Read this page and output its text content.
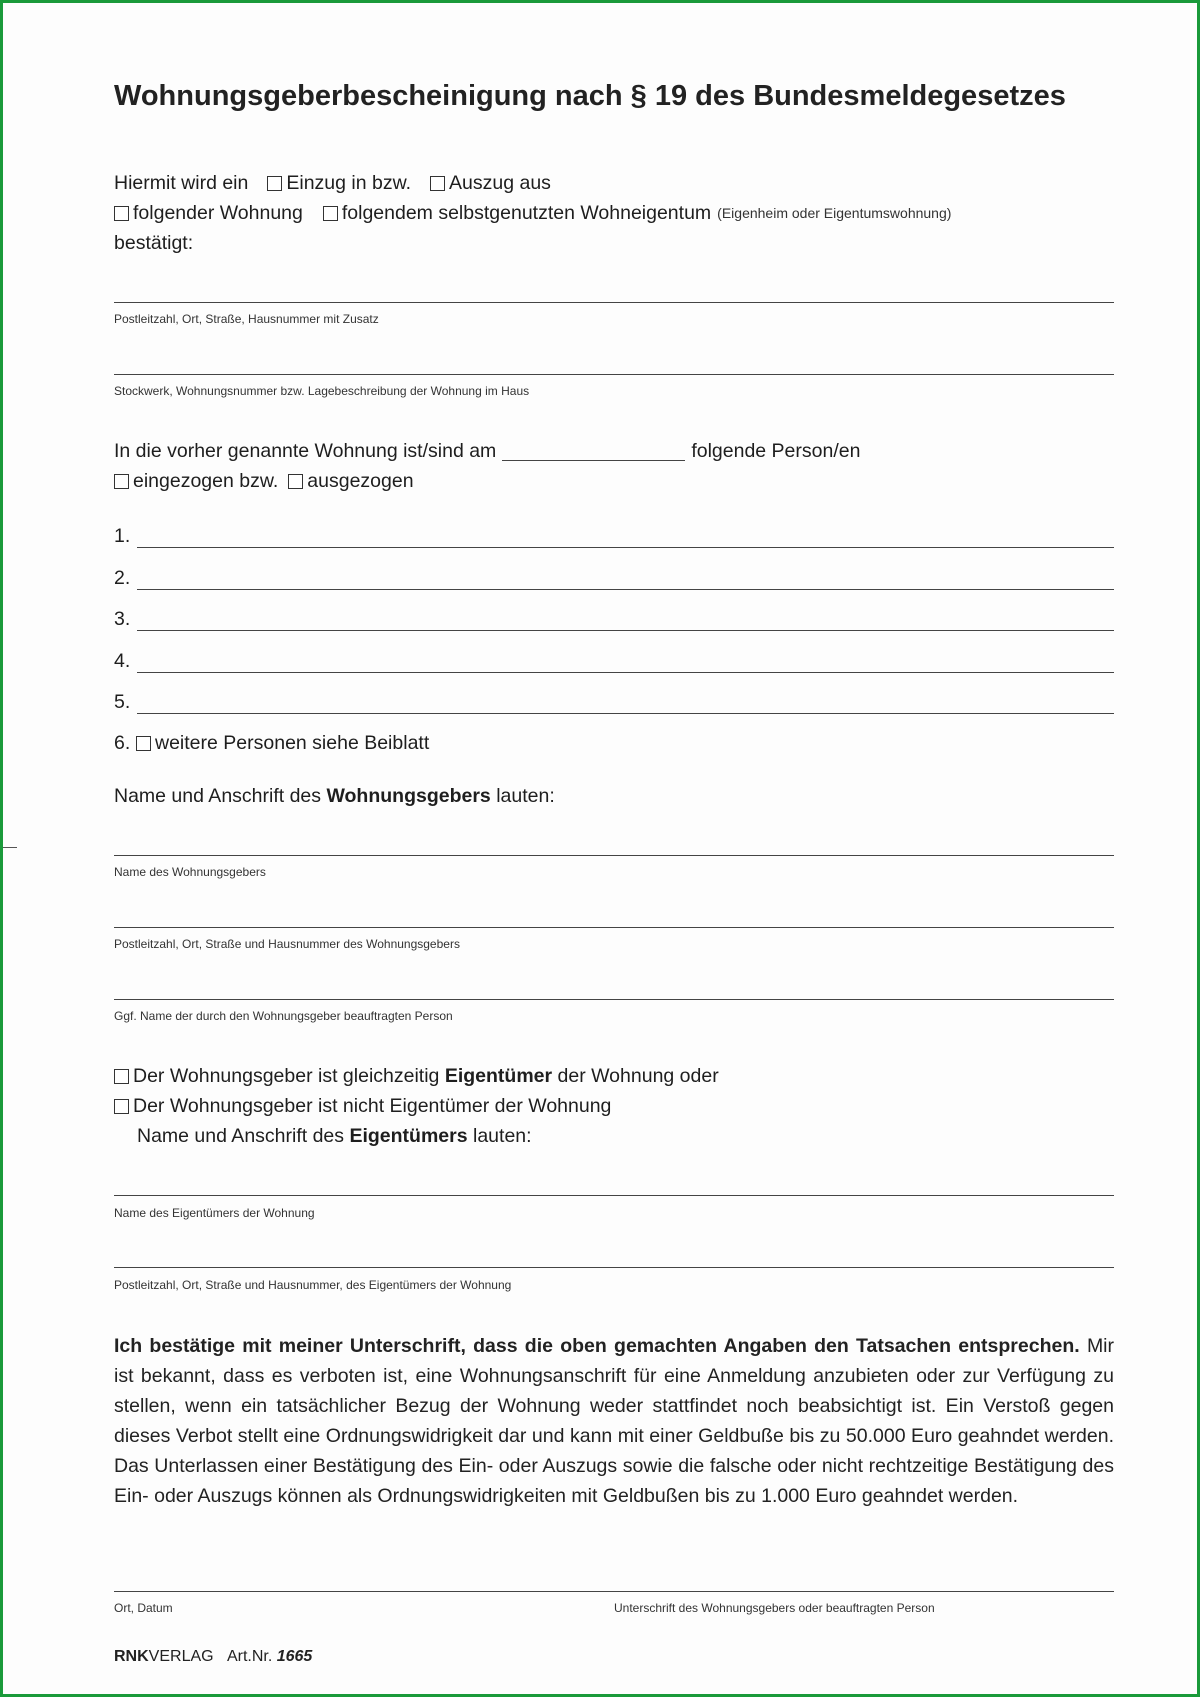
Wohnungsgeberbescheinigung nach § 19 des Bundesmeldegesetzes
Hiermit wird ein Einzug in bzw. Auszug aus
folgender Wohnung folgendem selbstgenutzten Wohneigentum (Eigenheim oder Eigentumswohnung)
bestätigt:
Postleitzahl, Ort, Straße, Hausnummer mit Zusatz
Stockwerk, Wohnungsnummer bzw. Lagebeschreibung der Wohnung im Haus
In die vorher genannte Wohnung ist/sind am	folgende Person/en
eingezogen bzw. ausgezogen
1.
2.
3.
4.
5.
6. weitere Personen siehe Beiblatt
Name und Anschrift des
Wohnungsgebers
lauten:
Name des Wohnungsgebers
Postleitzahl, Ort, Straße und Hausnummer des Wohnungsgebers
Ggf. Name der durch den Wohnungsgeber beauftragten Person
Der Wohnungsgeber ist gleichzeitig
Eigentümer
der Wohnung oder
Der Wohnungsgeber ist nicht Eigentümer der Wohnung
Name und Anschrift des
Eigentümers
lauten:
Name des Eigentümers der Wohnung
Postleitzahl, Ort, Straße und Hausnummer, des Eigentümers der Wohnung
Ich bestätige mit meiner Unterschrift, dass die oben gemachten Angaben den Tatsachen entsprechen. Mir ist bekannt, dass es verboten ist, eine Wohnungsanschrift für eine Anmeldung anzubieten oder zur Verfügung zu stellen, wenn ein tatsächlicher Bezug der Wohnung weder stattfindet noch beabsichtigt ist. Ein Verstoß gegen dieses Verbot stellt eine Ordnungswidrigkeit dar und kann mit einer Geldbuße bis zu 50.000 Euro geahndet werden. Das Unterlassen einer Bestätigung des Ein- oder Auszugs sowie die falsche oder nicht rechtzeitige Bestätigung des Ein- oder Auszugs können als Ordnungswidrigkeiten mit Geldbußen bis zu 1.000 Euro geahndet werden.
Ort, Datum	Unterschrift des Wohnungsgebers oder beauftragten Person
RNKVERLAG Art.Nr. 1665
